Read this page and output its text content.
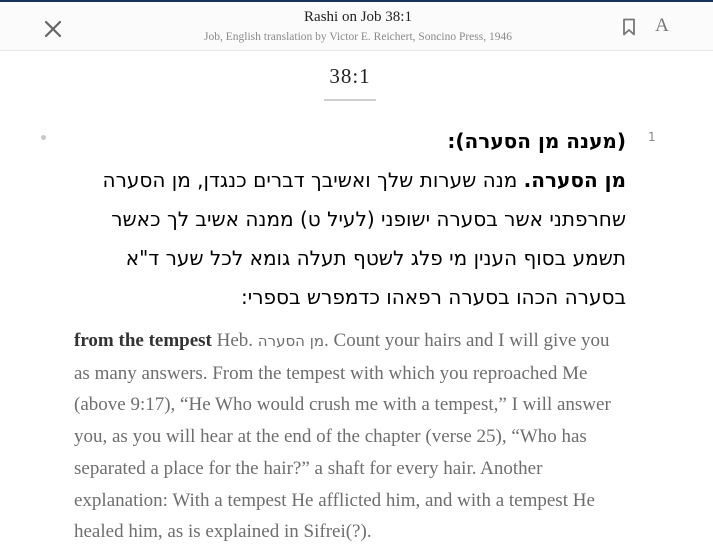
Rashi on Job 38:1
Job, English translation by Victor E. Reichert, Soncino Press, 1946
A
38:1
1
(מענה מן הסערה):
מן הסערה. מנה שערות שלך ואשיבך דברים כנגדן, מן הסערה שחרפתני אשר בסערה ישופני (לעיל ט) ממנה אשיב לך כאשר תשמע בסוף הענין מי פלג לשטף תעלה גומא לכל שער ד"א בסערה הכהו בסערה רפאהו כדמפרש בספרי:
from the tempest Heb. מן הסערה. Count your hairs and I will give you as many answers. From the tempest with which you reproached Me (above 9:17), “He Who would crush me with a tempest,” I will answer you, as you will hear at the end of the chapter (verse 25), “Who has separated a place for the hair?” a shaft for every hair. Another explanation: With a tempest He afflicted him, and with a tempest He healed him, as is explained in Sifrei(?).
